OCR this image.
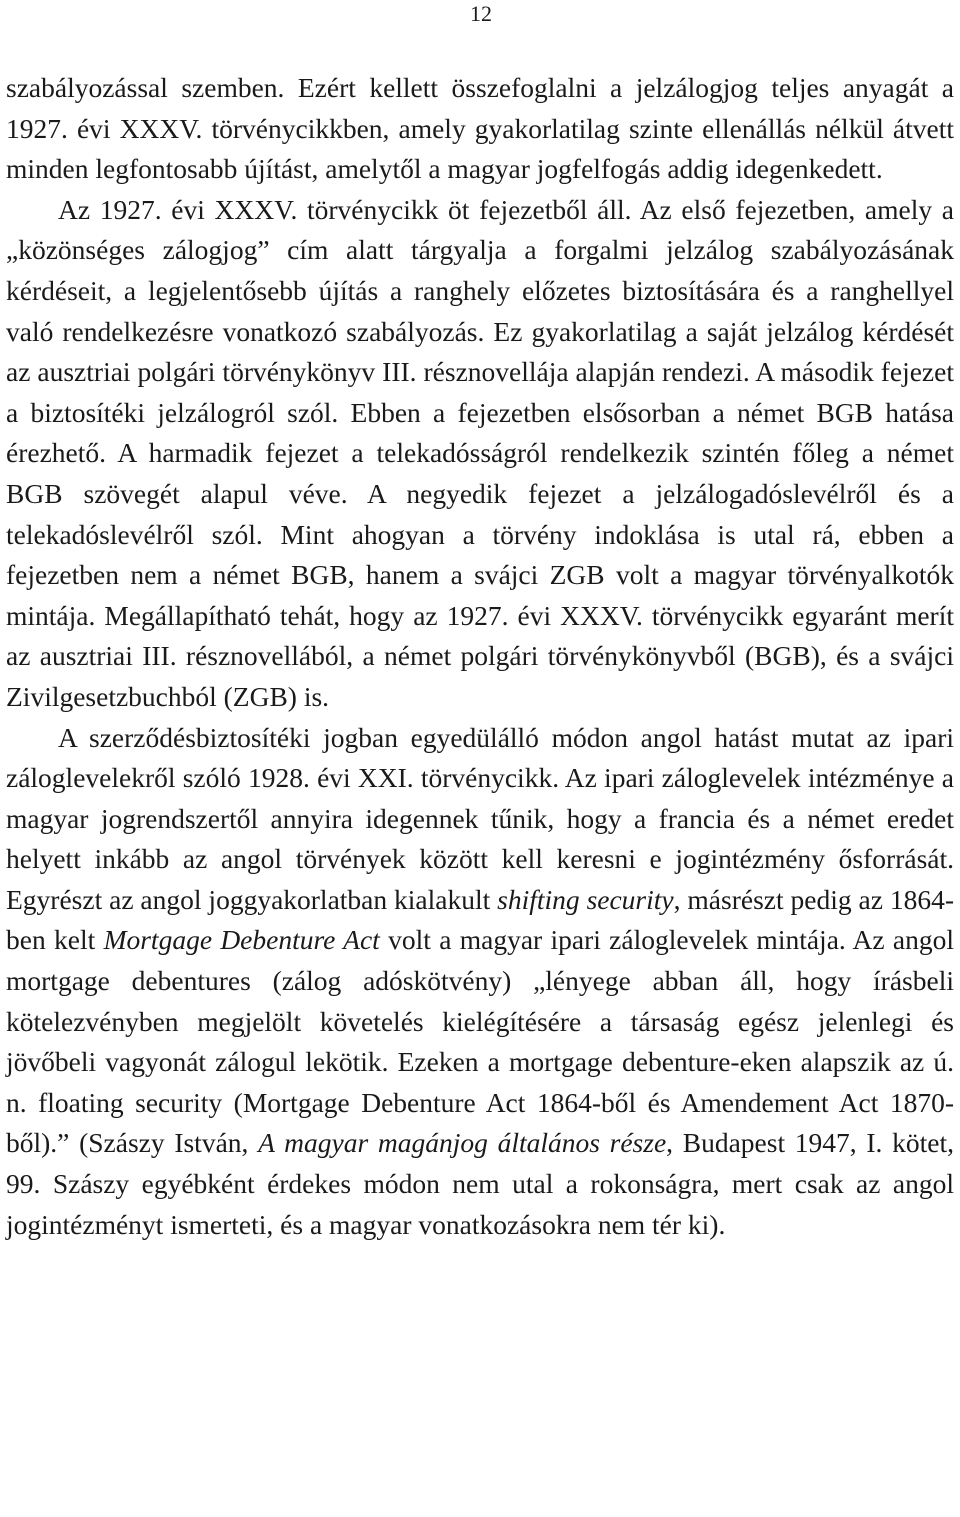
12

szabályozással szemben. Ezért kellett összefoglalni a jelzálogjog teljes anyagát a 1927. évi XXXV. törvénycikkben, amely gyakorlatilag szinte ellenállás nélkül átvett minden legfontosabb újítást, amelytől a magyar jogfelfogás addig idegenkedett.

Az 1927. évi XXXV. törvénycikk öt fejezetből áll. Az első fejezetben, amely a „közönséges zálogjog” cím alatt tárgyalja a forgalmi jelzálog szabályozásának kérdéseit, a legjelentősebb újítás a ranghely előzetes biztosítására és a ranghellyel való rendelkezésre vonatkozó szabályozás. Ez gyakorlatilag a saját jelzálog kérdését az ausztriai polgári törvénykönyv III. résznovellája alapján rendezi. A második fejezet a biztosítéki jelzálogról szól. Ebben a fejezetben elsősorban a német BGB hatása érezhető. A harmadik fejezet a telekadósságról rendelkezik szintén főleg a német BGB szövegét alapul véve. A negyedik fejezet a jelzálogadóslevélről és a telekadóslevélről szól. Mint ahogyan a törvény indoklása is utal rá, ebben a fejezetben nem a német BGB, hanem a svájci ZGB volt a magyar törvényalkotók mintája. Megállapítható tehát, hogy az 1927. évi XXXV. törvénycikk egyaránt merít az ausztriai III. résznovellából, a német polgári törvénykönyvből (BGB), és a svájci Zivilgesetzbuchból (ZGB) is.

A szerződésbiztosítéki jogban egyedülálló módon angol hatást mutat az ipari záloglevelekről szóló 1928. évi XXI. törvénycikk. Az ipari záloglevelek intézménye a magyar jogrendszertől annyira idegennek tűnik, hogy a francia és a német eredet helyett inkább az angol törvények között kell keresni e jogintézmény ősforrását. Egyrészt az angol joggyakorlatban kialakult shifting security, másrészt pedig az 1864-ben kelt Mortgage Debenture Act volt a magyar ipari záloglevelek mintája. Az angol mortgage debentures (zálog adóskötvény) „lényege abban áll, hogy írásbeli kötelezvényben megjelölt követelés kielégítésére a társaság egész jelenlegi és jövőbeli vagyonát zálogul lekötik. Ezeken a mortgage debenture-eken alapszik az ú. n. floating security (Mortgage Debenture Act 1864-ből és Amendement Act 1870-ből).” (Szászy István, A magyar magánjog általános része, Budapest 1947, I. kötet, 99. Szászy egyébként érdekes módon nem utal a rokonságra, mert csak az angol jogintézményt ismerteti, és a magyar vonatkozásokra nem tér ki).
